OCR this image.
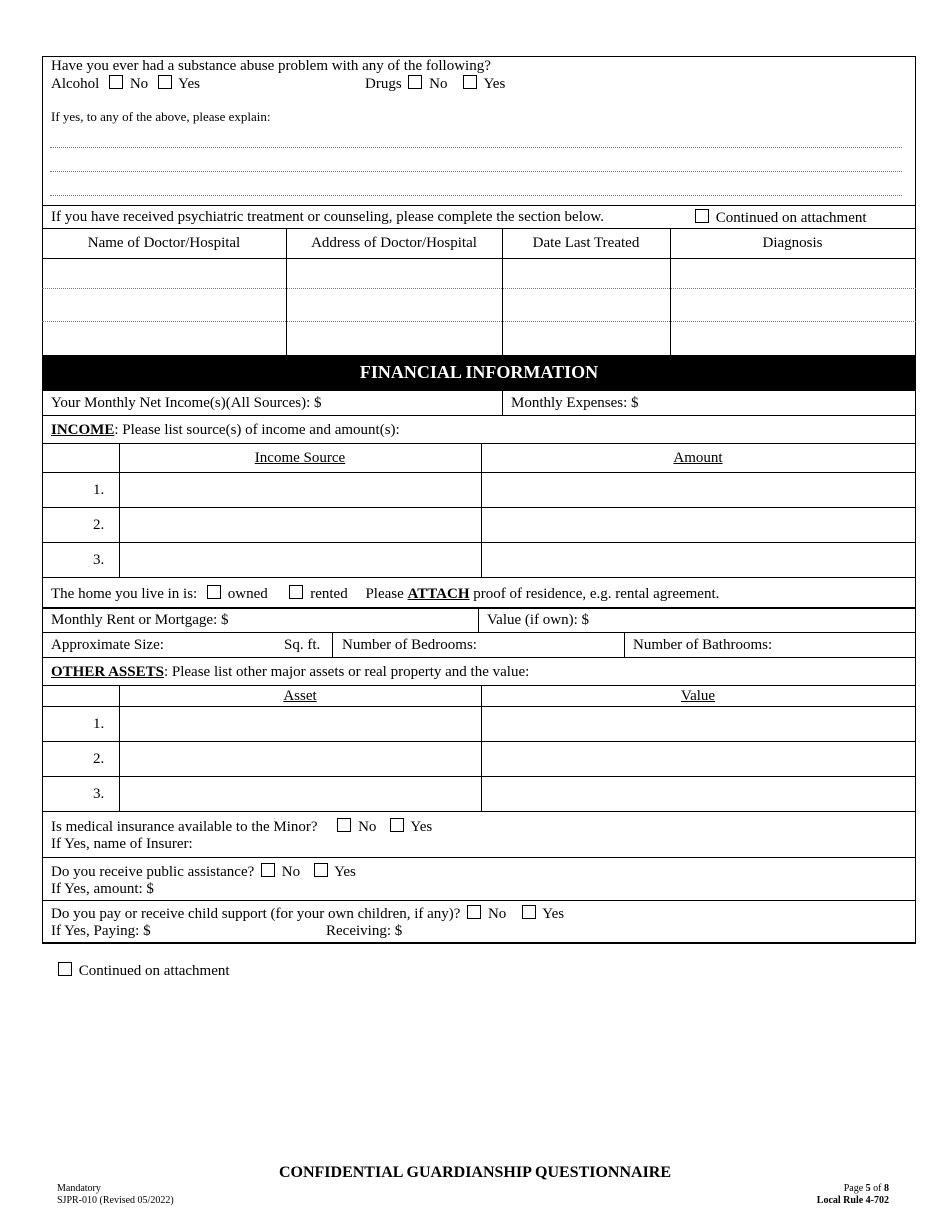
Have you ever had a substance abuse problem with any of the following?
Alcohol No Yes	Drugs No Yes
If yes, to any of the above, please explain:
If you have received psychiatric treatment or counseling, please complete the section below.	Continued on attachment
Name of Doctor/Hospital	Address of Doctor/Hospital	Date Last Treated	Diagnosis
FINANCIAL INFORMATION
Your Monthly Net Income(s)(All Sources): $	Monthly Expenses: $
INCOME: Please list source(s) of income and amount(s):
Income Source	Amount
1.
2.
3.
The home you live in is: owned	rented Please ATTACH proof of residence, e.g. rental agreement.
Monthly Rent or Mortgage: $	Value (if own): $
Approximate Size:	Sq. ft. Number of Bedrooms:	Number of Bathrooms:
OTHER ASSETS: Please list other major assets or real property and the value:
Asset	Value
1.
2.
3.
Is medical insurance available to the Minor?	No Yes
If Yes, name of Insurer:
Do you receive public assistance? No Yes
If Yes, amount: $
Do you pay or receive child support (for your own children, if any)? No Yes
If Yes, Paying: $	Receiving: $
Continued on attachment
CONFIDENTIAL GUARDIANSHIP QUESTIONNAIRE
Mandatory
SJPR-010 (Revised 05/2022)
Page 5 of 8
Local Rule 4-702
